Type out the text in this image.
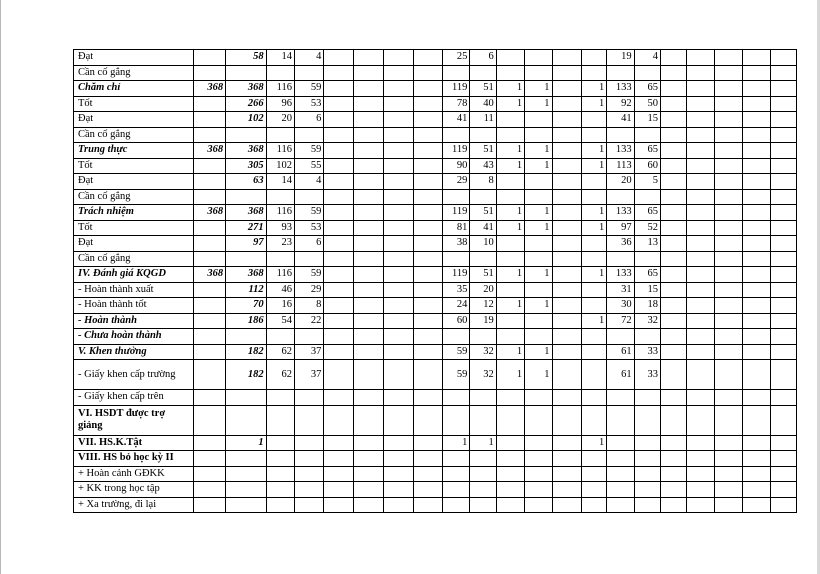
Đạt		58	14	4					25	6					19	4					
Cần cố gắng																					
Chăm chỉ	368	368	116	59					119	51	1	1		1	133	65					
Tốt		266	96	53					78	40	1	1		1	92	50					
Đạt		102	20	6					41	11					41	15					
Cần cố gắng																					
Trung thực	368	368	116	59					119	51	1	1		1	133	65					
Tốt		305	102	55					90	43	1	1		1	113	60					
Đạt		63	14	4					29	8					20	5					
Cần cố gắng																					
Trách nhiệm	368	368	116	59					119	51	1	1		1	133	65					
Tốt		271	93	53					81	41	1	1		1	97	52					
Đạt		97	23	6					38	10					36	13					
Cần cố gắng																					
IV. Đánh giá KQGD	368	368	116	59					119	51	1	1		1	133	65					
- Hoàn thành xuất		112	46	29					35	20					31	15					
- Hoàn thành tốt		70	16	8					24	12	1	1			30	18					
- Hoàn thành		186	54	22					60	19				1	72	32					
- Chưa hoàn thành																					
V. Khen thưởng		182	62	37					59	32	1	1			61	33					
- Giấy khen cấp trường		182	62	37					59	32	1	1			61	33					
- Giấy khen cấp trên																					
VI. HSDT được trợ giảng																					
VII. HS.K.Tật		1							1	1				1							
VIII. HS bỏ học kỳ II																					
+ Hoàn cảnh GĐKK																					
+ KK trong học tập																					
+ Xa trường, đi lại																					
